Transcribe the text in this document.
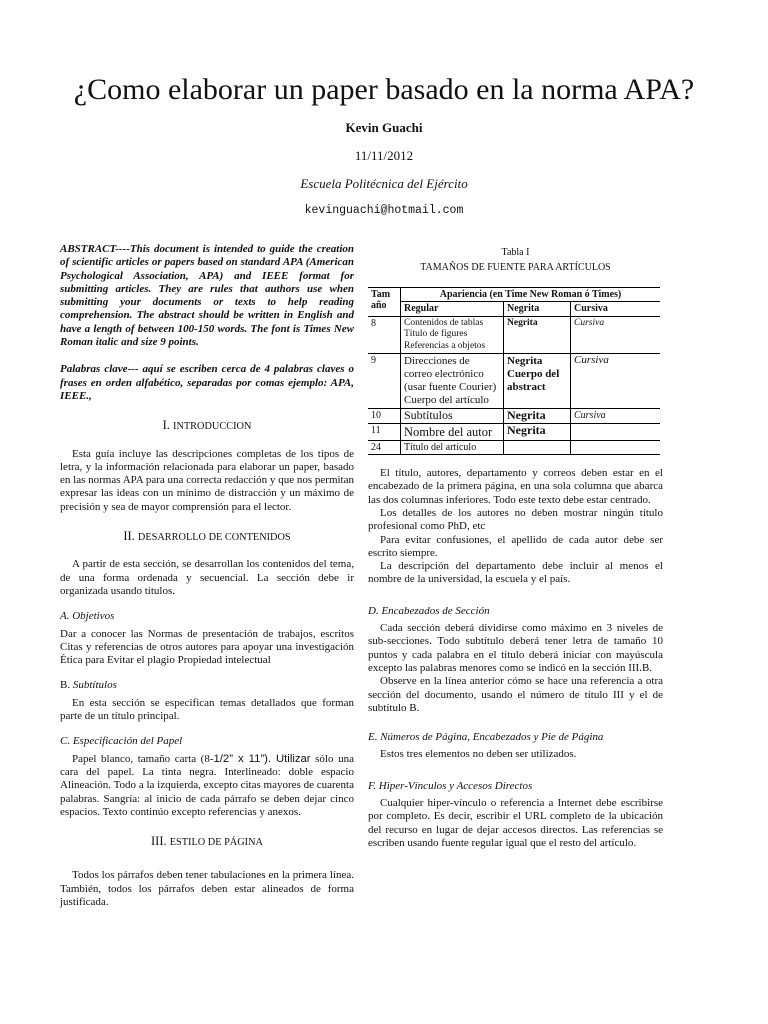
¿Como elaborar un paper basado en la norma APA?
Kevin Guachi
11/11/2012
Escuela Politécnica del Ejército
kevinguachi@hotmail.com
ABSTRACT----This document is intended to guide the creation of scientific articles or papers based on standard APA (American Psychological Association, APA) and IEEE format for submitting articles. They are rules that authors use when submitting your documents or texts to help reading comprehension. The abstract should be written in English and have a length of between 100-150 words. The font is Times New Roman italic and size 9 points.
Palabras clave--- aquí se escriben cerca de 4 palabras claves o frases en orden alfabético, separadas por comas ejemplo: APA, IEEE.,
I. INTRODUCCION

Esta guía incluye las descripciones completas de los tipos de letra, y la información relacionada para elaborar un paper, basado en las normas APA para una correcta redacción y que nos permitan expresar las ideas con un mínimo de distracción y un máximo de precisión y sea de mayor comprensión para el lector.

II. DESARROLLO DE CONTENIDOS

A partir de esta sección, se desarrollan los contenidos del tema, de una forma ordenada y secuencial. La sección debe ir organizada usando títulos.

A. Objetivos

Dar a conocer las Normas de presentación de trabajos, escritos Citas y referencias de otros autores para apoyar una investigación Ética para Evitar el plagio Propiedad intelectual

B. Subtítulos

En esta sección se especifican temas detallados que forman parte de un título principal.

C. Especificación del Papel

Papel blanco, tamaño carta (8-1/2” x 11”). Utilizar sólo una cara del papel. La tinta negra. Interlineado: doble espacio Alineación. Todo a la izquierda, excepto citas mayores de cuarenta palabras. Sangría: al inicio de cada párrafo se deben dejar cinco espacios. Texto continúo excepto referencias y anexos.

III. ESTILO DE PÁGINA

Todos los párrafos deben tener tabulaciones en la primera línea. También, todos los párrafos deben estar alineados de forma justificada.

Tabla I
TAMAÑOS DE FUENTE PARA ARTÍCULOS
Tam
año	Apariencia (en Time New Roman ó Times)		
	Regular	Negrita	Cursiva
8	Contenidos de tablas
Título de figures
Referencias a objetos	Negrita	Cursiva
9	Direcciones de correo electrónico (usar fuente Courier) Cuerpo del artículo	Negrita Cuerpo del abstract	Cursiva
10	Subtítulos	Negrita	Cursiva
11	Nombre del autor	Negrita	
24	Título del artículo		

El título, autores, departamento y correos deben estar en el encabezado de la primera página, en una sola columna que abarca las dos columnas inferiores. Todo este texto debe estar centrado.

Los detalles de los autores no deben mostrar ningún título profesional como PhD, etc

Para evitar confusiones, el apellido de cada autor debe ser escrito siempre.

La descripción del departamento debe incluir al menos el nombre de la universidad, la escuela y el país.

D. Encabezados de Sección

Cada sección deberá dividirse como máximo en 3 niveles de sub-secciones. Todo subtítulo deberá tener letra de tamaño 10 puntos y cada palabra en el título deberá iniciar con mayúscula excepto las palabras menores como se indicó en la sección III.B.

Observe en la línea anterior cómo se hace una referencia a otra sección del documento, usando el número de título III y el de subtítulo B.

E. Números de Página, Encabezados y Pie de Página

Estos tres elementos no deben ser utilizados.

F. Hiper-Vínculos y Accesos Directos

Cualquier hiper-vínculo o referencia a Internet debe escribirse por completo. Es decir, escribir el URL completo de la ubicación del recurso en lugar de dejar accesos directos. Las referencias se escriben usando fuente regular igual que el resto del artículo.
